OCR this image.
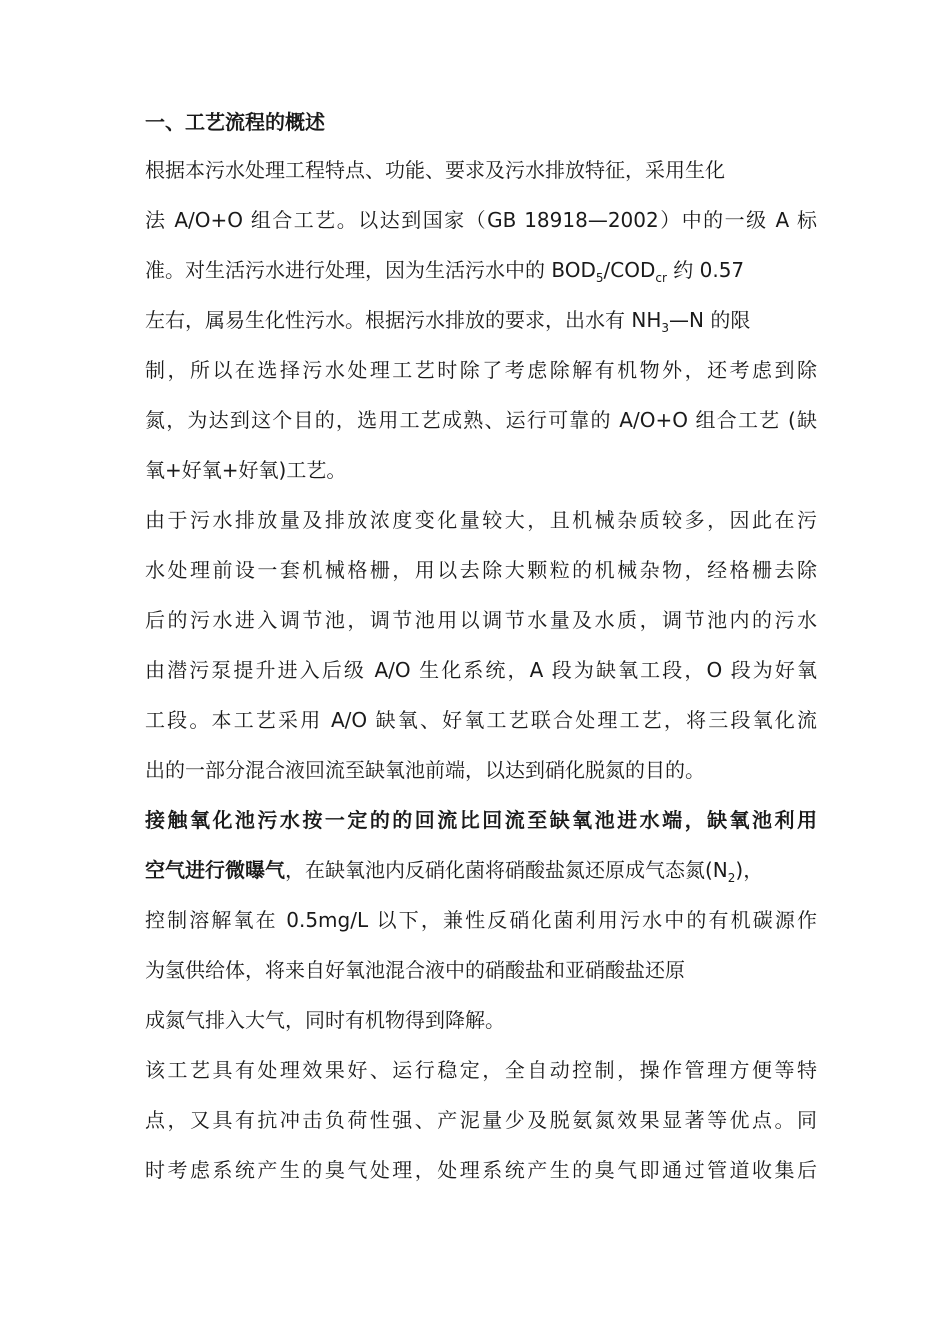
一、工艺流程的概述
根据本污水处理工程特点、功能、要求及污水排放特征，采用生化
法 A/O+O 组合工艺。以达到国家（GB 18918—2002）中的一级 A 标
准。对生活污水进行处理，因为生活污水中的 $BOD_5/COD_{cr}$ 约 0.57
左右，属易生化性污水。根据污水排放的要求，出水有 $NH_3—N$ 的限
制，所以在选择污水处理工艺时除了考虑除解有机物外，还考虑到除
氮，为达到这个目的，选用工艺成熟、运行可靠的 A/O+O 组合工艺 (缺
氧+好氧+好氧)工艺。
由于污水排放量及排放浓度变化量较大，且机械杂质较多，因此在污
水处理前设一套机械格栅，用以去除大颗粒的机械杂物，经格栅去除
后的污水进入调节池，调节池用以调节水量及水质，调节池内的污水
由潜污泵提升进入后级 A/O 生化系统，A 段为缺氧工段，O 段为好氧
工段。本工艺采用 A/O 缺氧、好氧工艺联合处理工艺，将三段氧化流
出的一部分混合液回流至缺氧池前端，以达到硝化脱氮的目的。
接触氧化池污水按一定的的回流比回流至缺氧池进水端，缺氧池利用
空气进行微曝气，在缺氧池内反硝化菌将硝酸盐氮还原成气态氮$(N_2)$，
控制溶解氧在 0.5mg/L 以下，兼性反硝化菌利用污水中的有机碳源作
为氢供给体，将来自好氧池混合液中的硝酸盐和亚硝酸盐还原
成氮气排入大气，同时有机物得到降解。
该工艺具有处理效果好、运行稳定，全自动控制，操作管理方便等特
点，又具有抗冲击负荷性强、产泥量少及脱氨氮效果显著等优点。同
时考虑系统产生的臭气处理，处理系统产生的臭气即通过管道收集后
